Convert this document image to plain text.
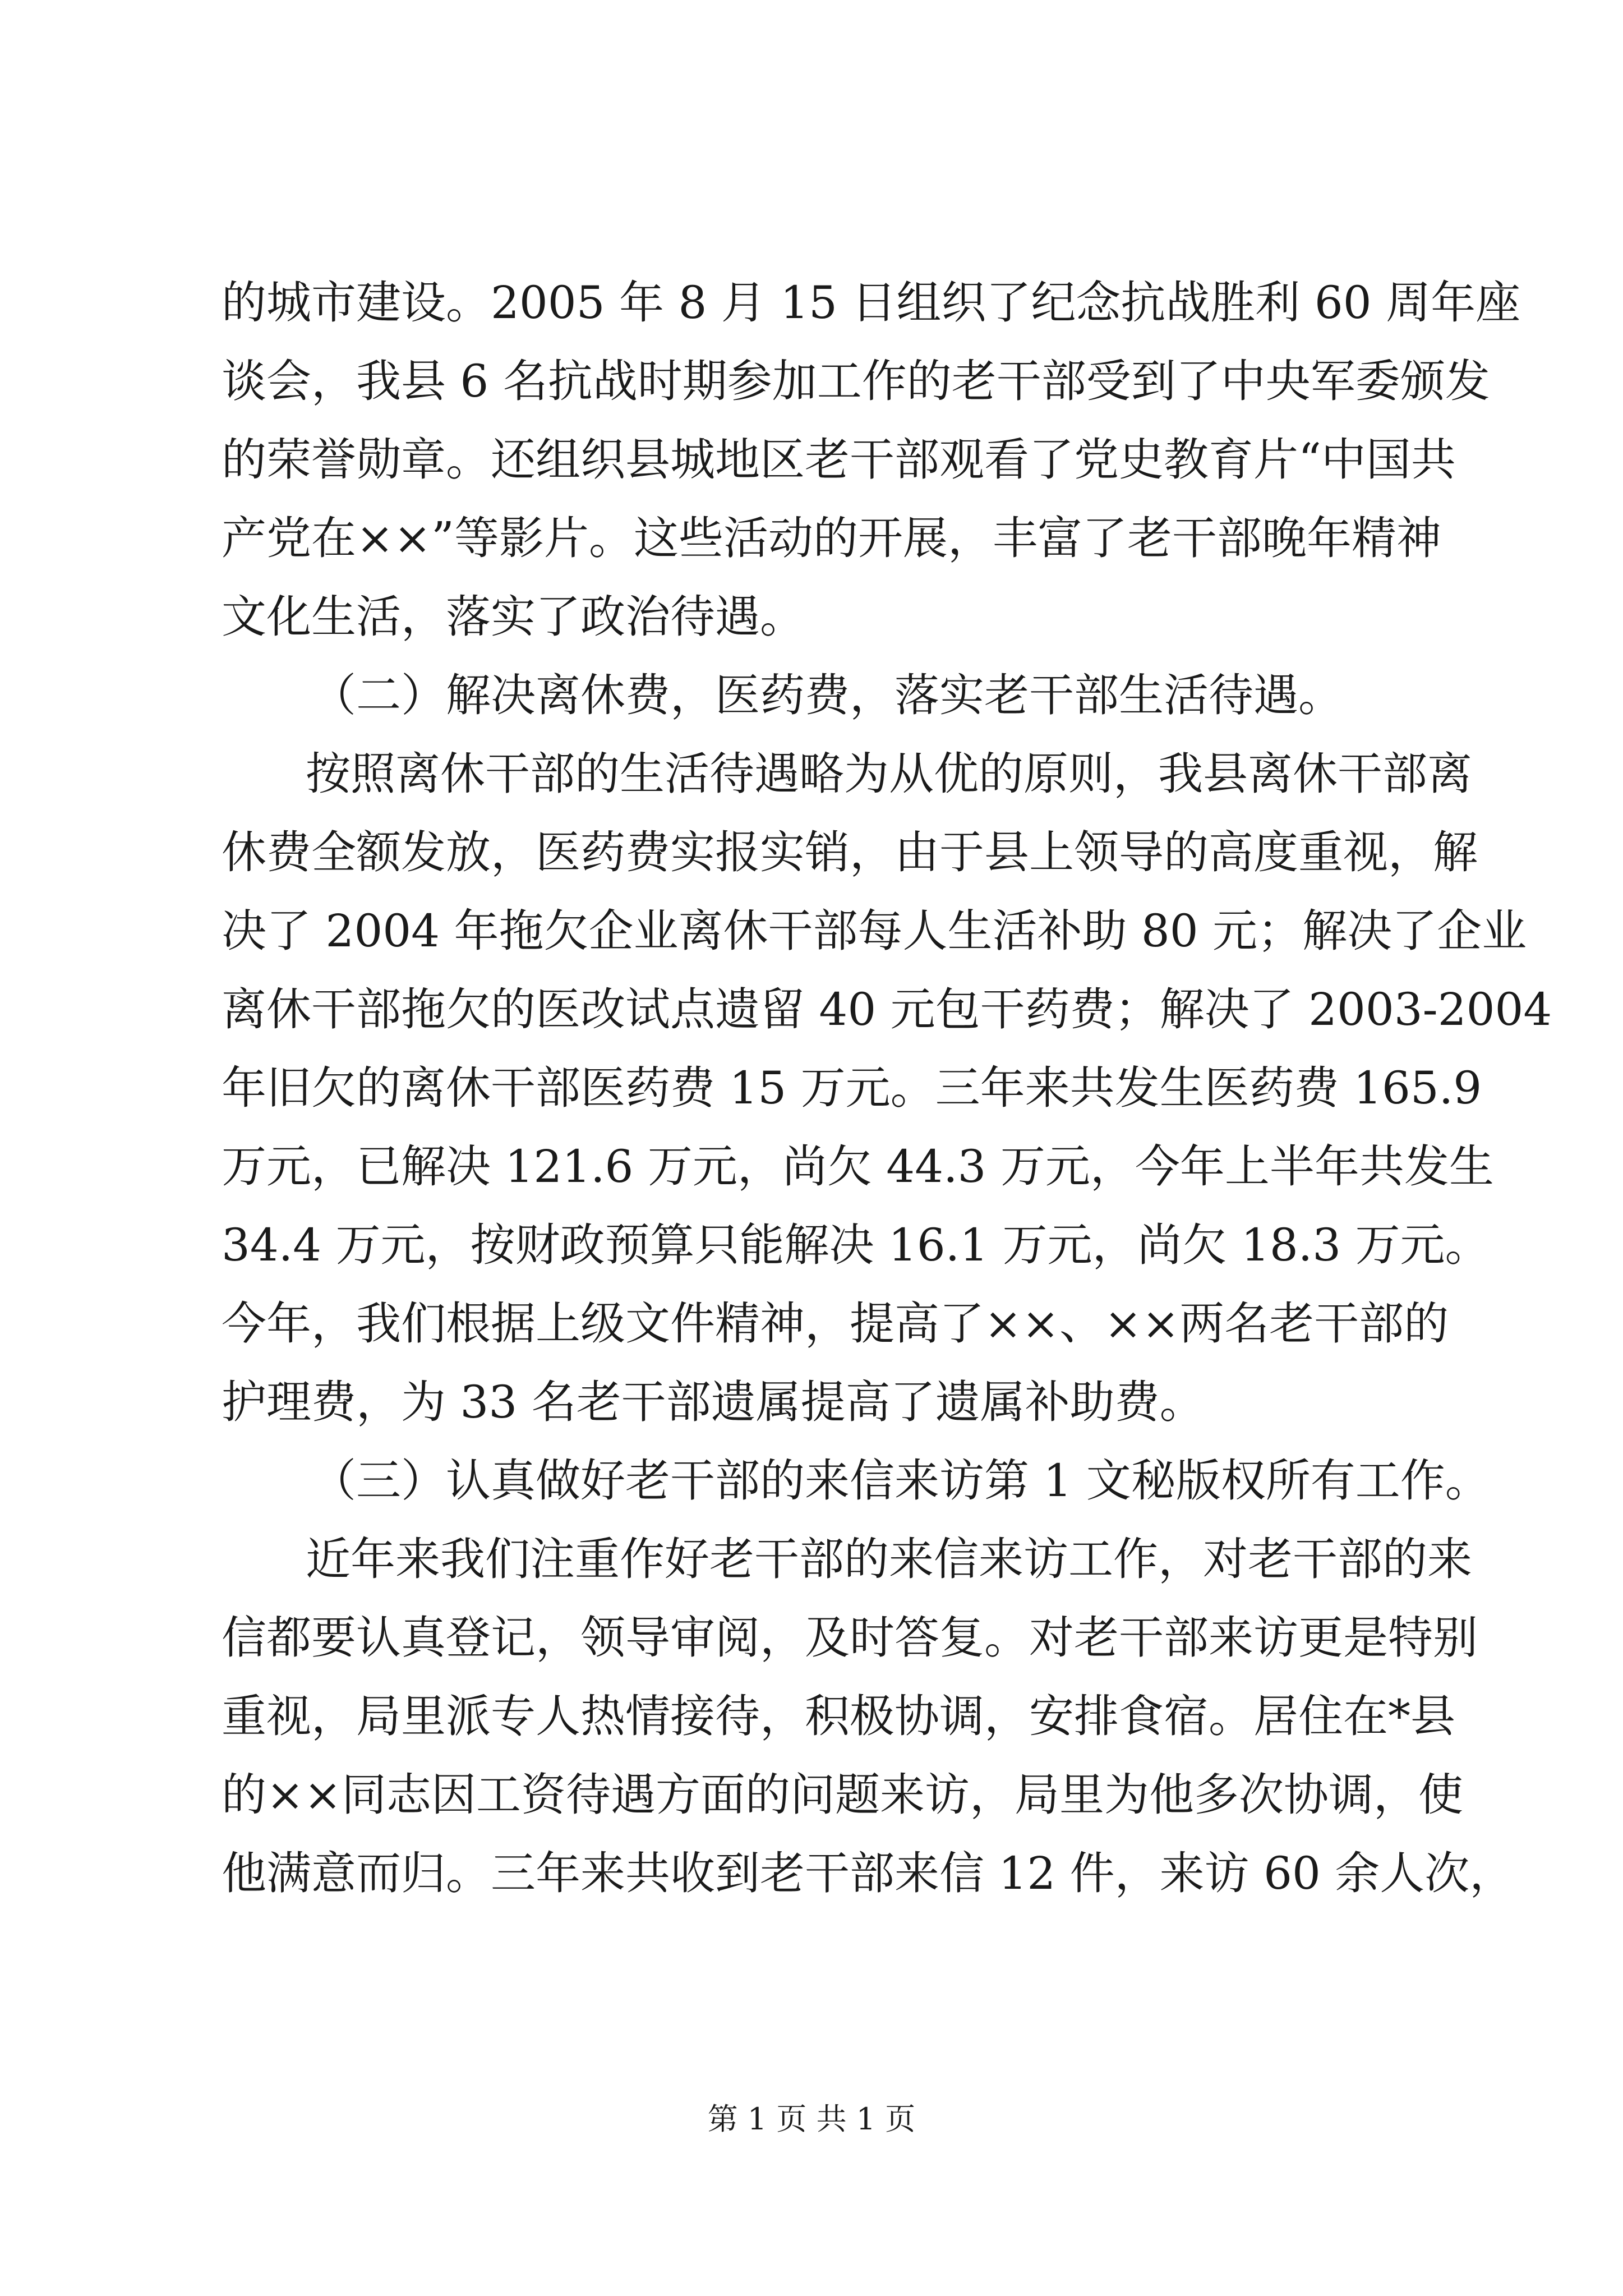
的城市建设。2005 年 8 月 15 日组织了纪念抗战胜利 60 周年座
谈会，我县 6 名抗战时期参加工作的老干部受到了中央军委颁发
的荣誉勋章。还组织县城地区老干部观看了党史教育片“中国共
产党在××”等影片。这些活动的开展，丰富了老干部晚年精神
文化生活，落实了政治待遇。
（二）解决离休费，医药费，落实老干部生活待遇。
按照离休干部的生活待遇略为从优的原则，我县离休干部离
休费全额发放，医药费实报实销，由于县上领导的高度重视，解
决了 2004 年拖欠企业离休干部每人生活补助 80 元；解决了企业
离休干部拖欠的医改试点遗留 40 元包干药费；解决了 2003-2004
年旧欠的离休干部医药费 15 万元。三年来共发生医药费 165.9
万元，已解决 121.6 万元，尚欠 44.3 万元，今年上半年共发生
34.4 万元，按财政预算只能解决 16.1 万元，尚欠 18.3 万元。
今年，我们根据上级文件精神，提高了××、××两名老干部的
护理费，为 33 名老干部遗属提高了遗属补助费。
（三）认真做好老干部的来信来访第 1 文秘版权所有工作。
近年来我们注重作好老干部的来信来访工作，对老干部的来
信都要认真登记，领导审阅，及时答复。对老干部来访更是特别
重视，局里派专人热情接待，积极协调，安排食宿。居住在*县
的××同志因工资待遇方面的问题来访，局里为他多次协调，使
他满意而归。三年来共收到老干部来信 12 件，来访 60 余人次，
第 1 页 共 1 页
